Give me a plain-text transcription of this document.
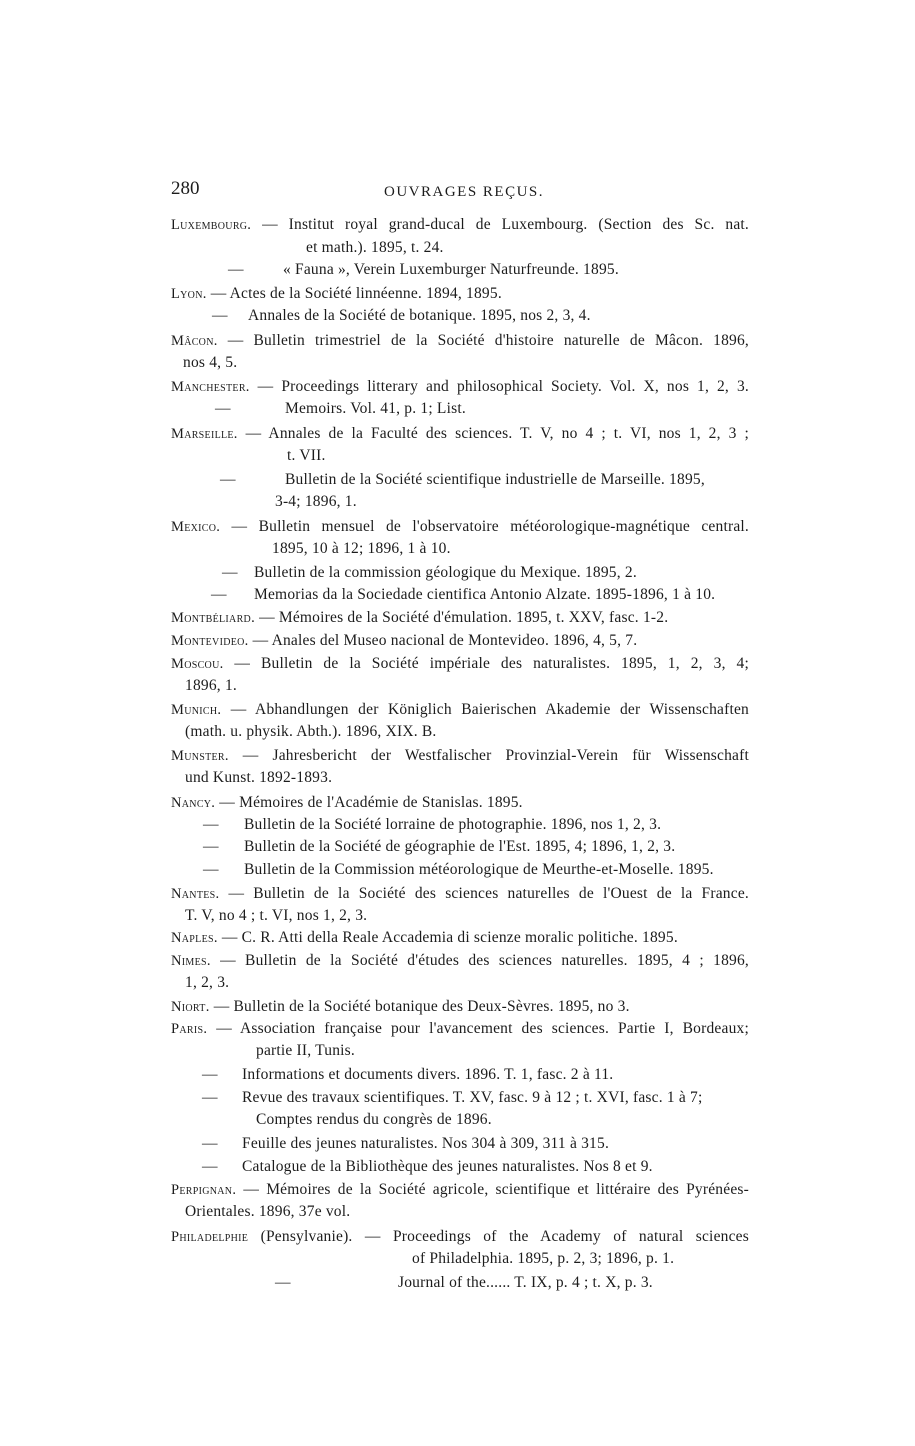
280	OUVRAGES REÇUS.
Luxembourg. — Institut royal grand-ducal de Luxembourg. (Section des Sc. nat.
et math.). 1895, t. 24.
—	« Fauna », Verein Luxemburger Naturfreunde. 1895.
Lyon. — Actes de la Société linnéenne. 1894, 1895.
— Annales de la Société de botanique. 1895, nos 2, 3, 4.
Mâcon. — Bulletin trimestriel de la Société d'histoire naturelle de Mâcon. 1896,
nos 4, 5.
Manchester. — Proceedings litterary and philosophical Society. Vol. X, nos 1, 2, 3.
—	Memoirs. Vol. 41, p. 1; List.
Marseille. — Annales de la Faculté des sciences. T. V, no 4 ; t. VI, nos 1, 2, 3 ;
t. VII.
—	Bulletin de la Société scientifique industrielle de Marseille. 1895,
3-4; 1896, 1.
Mexico. — Bulletin mensuel de l'observatoire météorologique-magnétique central.
1895, 10 à 12; 1896, 1 à 10.
— Bulletin de la commission géologique du Mexique. 1895, 2.
— Memorias da la Sociedade cientifica Antonio Alzate. 1895-1896, 1 à 10.
Montbéliard. — Mémoires de la Société d'émulation. 1895, t. XXV, fasc. 1-2.
Montevideo. — Anales del Museo nacional de Montevideo. 1896, 4, 5, 7.
Moscou. — Bulletin de la Société impériale des naturalistes. 1895, 1, 2, 3, 4;
1896, 1.
Munich. — Abhandlungen der Königlich Baierischen Akademie der Wissenschaften
(math. u. physik. Abth.). 1896, XIX. B.
Munster. — Jahresbericht der Westfalischer Provinzial-Verein für Wissenschaft
und Kunst. 1892-1893.
Nancy. — Mémoires de l'Académie de Stanislas. 1895.
— Bulletin de la Société lorraine de photographie. 1896, nos 1, 2, 3.
— Bulletin de la Société de géographie de l'Est. 1895, 4; 1896, 1, 2, 3.
— Bulletin de la Commission météorologique de Meurthe-et-Moselle. 1895.
Nantes. — Bulletin de la Société des sciences naturelles de l'Ouest de la France.
T. V, no 4 ; t. VI, nos 1, 2, 3.
Naples. — C. R. Atti della Reale Accademia di scienze moralic politiche. 1895.
Nimes. — Bulletin de la Société d'études des sciences naturelles. 1895, 4 ; 1896,
1, 2, 3.
Niort. — Bulletin de la Société botanique des Deux-Sèvres. 1895, no 3.
Paris. — Association française pour l'avancement des sciences. Partie I, Bordeaux;
partie II, Tunis.
— Informations et documents divers. 1896. T. 1, fasc. 2 à 11.
— Revue des travaux scientifiques. T. XV, fasc. 9 à 12 ; t. XVI, fasc. 1 à 7;
Comptes rendus du congrès de 1896.
— Feuille des jeunes naturalistes. Nos 304 à 309, 311 à 315.
— Catalogue de la Bibliothèque des jeunes naturalistes. Nos 8 et 9.
Perpignan. — Mémoires de la Société agricole, scientifique et littéraire des Pyrénées-
Orientales. 1896, 37e vol.
Philadelphie (Pensylvanie). — Proceedings of the Academy of natural sciences
of Philadelphia. 1895, p. 2, 3; 1896, p. 1.
—	Journal of the...... T. IX, p. 4 ; t. X, p. 3.
